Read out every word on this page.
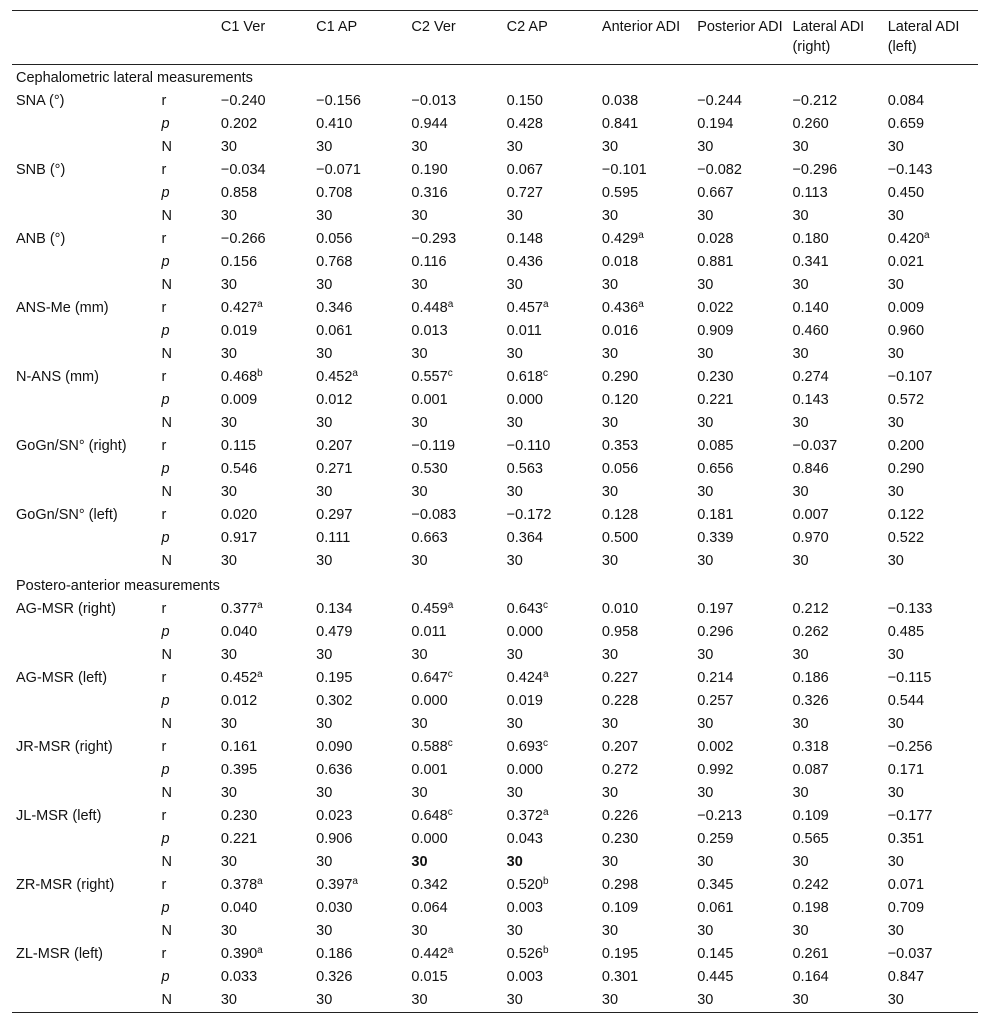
		C1 Ver	C1 AP	C2 Ver	C2 AP	Anterior ADI	Posterior ADI	Lateral ADI (right)	Lateral ADI (left)
Cephalometric lateral measurements									
SNA (°)	r	−0.240	−0.156	−0.013	0.150	0.038	−0.244	−0.212	0.084
	p	0.202	0.410	0.944	0.428	0.841	0.194	0.260	0.659
	N	30	30	30	30	30	30	30	30
SNB (°)	r	−0.034	−0.071	0.190	0.067	−0.101	−0.082	−0.296	−0.143
	p	0.858	0.708	0.316	0.727	0.595	0.667	0.113	0.450
	N	30	30	30	30	30	30	30	30
ANB (°)	r	−0.266	0.056	−0.293	0.148	0.429$^a$	0.028	0.180	0.420$^a$
	p	0.156	0.768	0.116	0.436	0.018	0.881	0.341	0.021
	N	30	30	30	30	30	30	30	30
ANS-Me (mm)	r	0.427$^a$	0.346	0.448$^a$	0.457$^a$	0.436$^a$	0.022	0.140	0.009
	p	0.019	0.061	0.013	0.011	0.016	0.909	0.460	0.960
	N	30	30	30	30	30	30	30	30
N-ANS (mm)	r	0.468$^b$	0.452$^a$	0.557$^c$	0.618$^c$	0.290	0.230	0.274	−0.107
	p	0.009	0.012	0.001	0.000	0.120	0.221	0.143	0.572
	N	30	30	30	30	30	30	30	30
GoGn/SN° (right)	r	0.115	0.207	−0.119	−0.110	0.353	0.085	−0.037	0.200
	p	0.546	0.271	0.530	0.563	0.056	0.656	0.846	0.290
	N	30	30	30	30	30	30	30	30
GoGn/SN° (left)	r	0.020	0.297	−0.083	−0.172	0.128	0.181	0.007	0.122
	p	0.917	0.111	0.663	0.364	0.500	0.339	0.970	0.522
	N	30	30	30	30	30	30	30	30
Postero-anterior measurements									
AG-MSR (right)	r	0.377$^a$	0.134	0.459$^a$	0.643$^c$	0.010	0.197	0.212	−0.133
	p	0.040	0.479	0.011	0.000	0.958	0.296	0.262	0.485
	N	30	30	30	30	30	30	30	30
AG-MSR (left)	r	0.452$^a$	0.195	0.647$^c$	0.424$^a$	0.227	0.214	0.186	−0.115
	p	0.012	0.302	0.000	0.019	0.228	0.257	0.326	0.544
	N	30	30	30	30	30	30	30	30
JR-MSR (right)	r	0.161	0.090	0.588$^c$	0.693$^c$	0.207	0.002	0.318	−0.256
	p	0.395	0.636	0.001	0.000	0.272	0.992	0.087	0.171
	N	30	30	30	30	30	30	30	30
JL-MSR (left)	r	0.230	0.023	0.648$^c$	0.372$^a$	0.226	−0.213	0.109	−0.177
	p	0.221	0.906	0.000	0.043	0.230	0.259	0.565	0.351
	N	30	30	30	30	30	30	30	30
ZR-MSR (right)	r	0.378$^a$	0.397$^a$	0.342	0.520$^b$	0.298	0.345	0.242	0.071
	p	0.040	0.030	0.064	0.003	0.109	0.061	0.198	0.709
	N	30	30	30	30	30	30	30	30
ZL-MSR (left)	r	0.390$^a$	0.186	0.442$^a$	0.526$^b$	0.195	0.145	0.261	−0.037
	p	0.033	0.326	0.015	0.003	0.301	0.445	0.164	0.847
	N	30	30	30	30	30	30	30	30
